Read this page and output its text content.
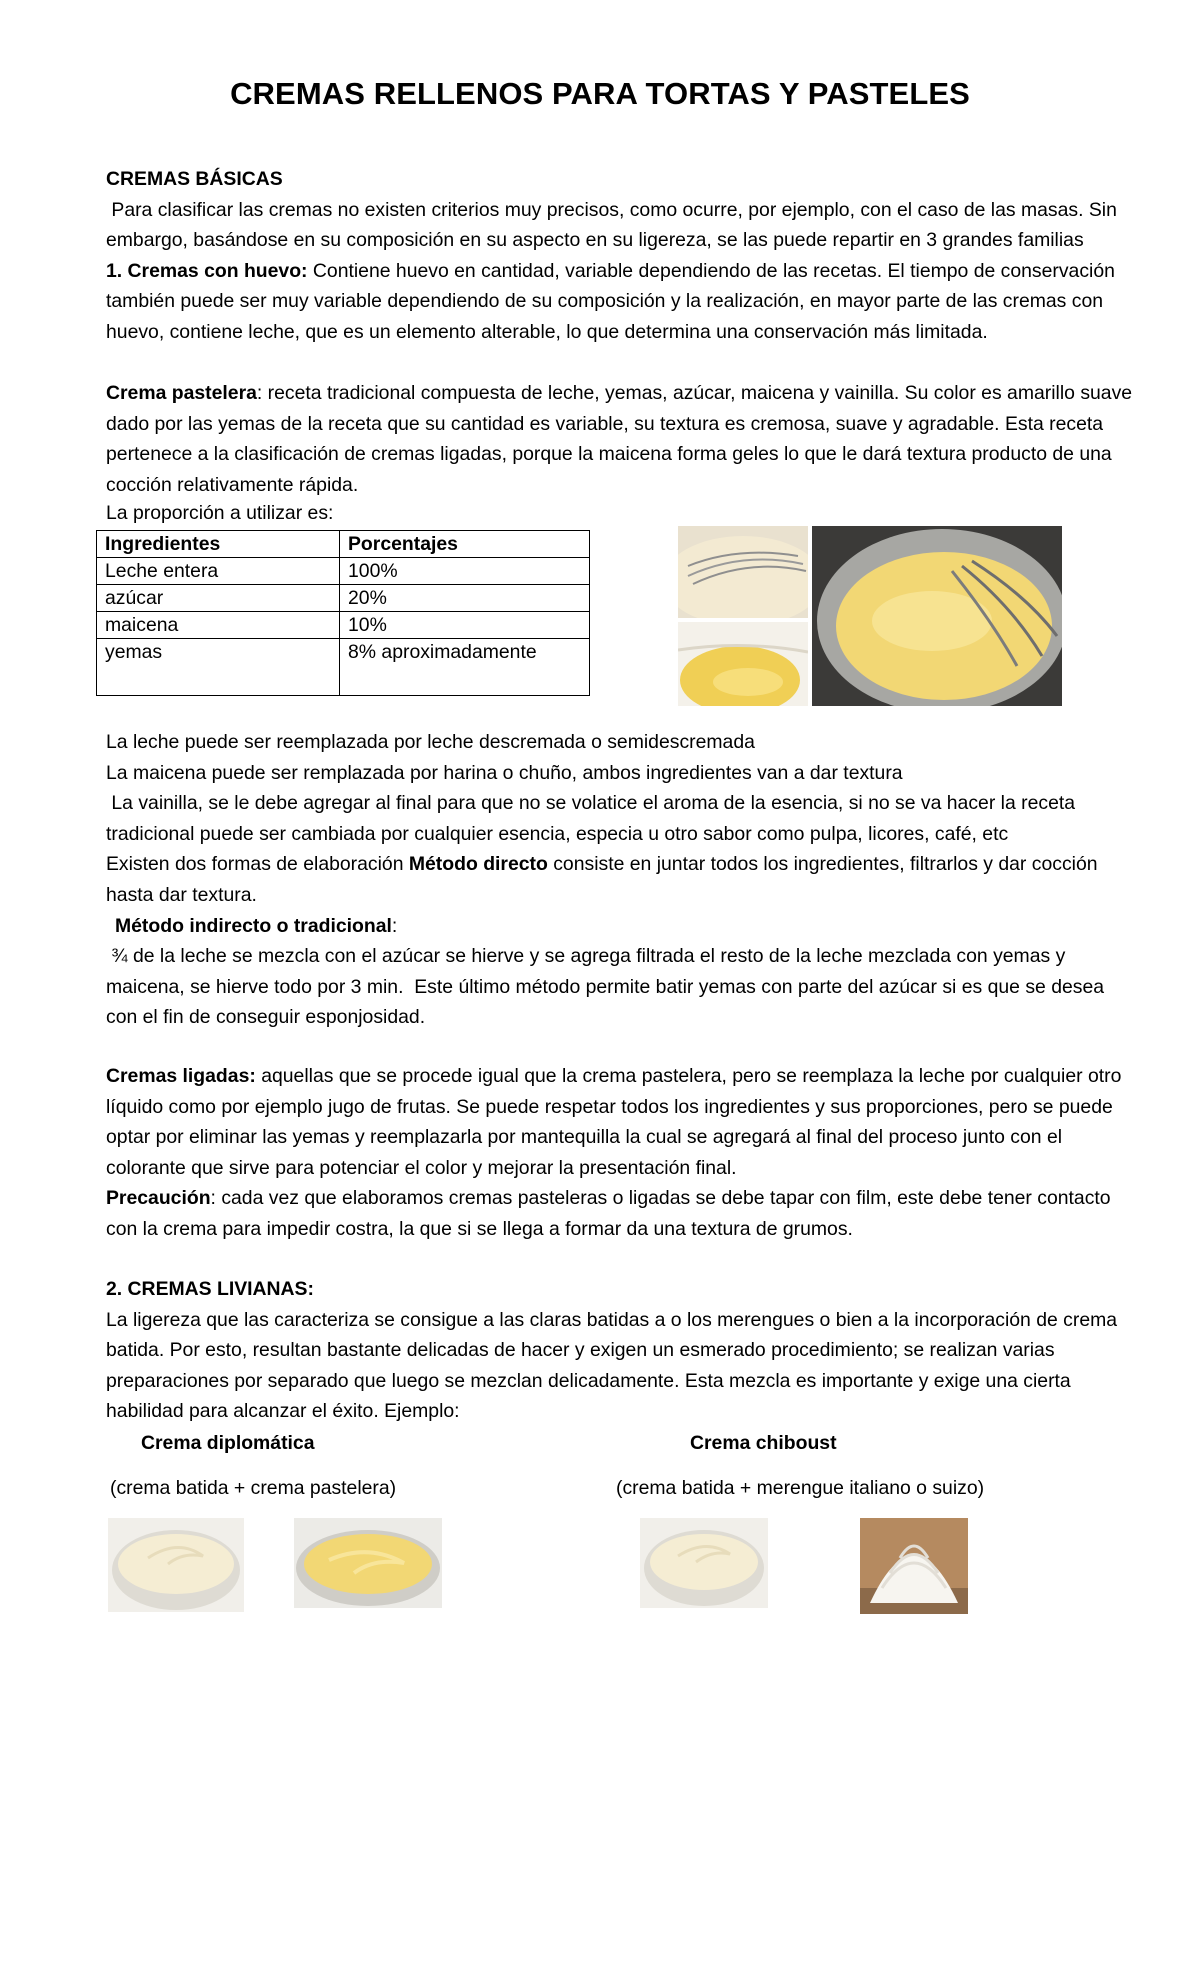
CREMAS RELLENOS PARA TORTAS Y PASTELES

CREMAS BÁSICAS

Para clasificar las cremas no existen criterios muy precisos, como ocurre, por ejemplo, con el caso de las masas. Sin

embargo, basándose en su composición en su aspecto en su ligereza, se las puede repartir en 3 grandes familias

1. Cremas con huevo: Contiene huevo en cantidad, variable dependiendo de las recetas. El tiempo de conservación

también puede ser muy variable dependiendo de su composición y la realización, en mayor parte de las cremas con

huevo, contiene leche, que es un elemento alterable, lo que determina una conservación más limitada.

Crema pastelera: receta tradicional compuesta de leche, yemas, azúcar, maicena y vainilla. Su color es amarillo suave

dado por las yemas de la receta que su cantidad es variable, su textura es cremosa, suave y agradable. Esta receta

pertenece a la clasificación de cremas ligadas, porque la maicena forma geles lo que le dará textura producto de una

cocción relativamente rápida.

La proporción a utilizar es:

Ingredientes	Porcentajes
Leche entera	100%
azúcar	20%
maicena	10%
yemas	8% aproximadamente

La leche puede ser reemplazada por leche descremada o semidescremada

La maicena puede ser remplazada por harina o chuño, ambos ingredientes van a dar textura

La vainilla, se le debe agregar al final para que no se volatice el aroma de la esencia, si no se va hacer la receta

tradicional puede ser cambiada por cualquier esencia, especia u otro sabor como pulpa, licores, café, etc

Existen dos formas de elaboración Método directo consiste en juntar todos los ingredientes, filtrarlos y dar cocción

hasta dar textura.

Método indirecto o tradicional:

¾ de la leche se mezcla con el azúcar se hierve y se agrega filtrada el resto de la leche mezclada con yemas y

maicena, se hierve todo por 3 min.  Este último método permite batir yemas con parte del azúcar si es que se desea

con el fin de conseguir esponjosidad.

Cremas ligadas: aquellas que se procede igual que la crema pastelera, pero se reemplaza la leche por cualquier otro

líquido como por ejemplo jugo de frutas. Se puede respetar todos los ingredientes y sus proporciones, pero se puede

optar por eliminar las yemas y reemplazarla por mantequilla la cual se agregará al final del proceso junto con el

colorante que sirve para potenciar el color y mejorar la presentación final.

Precaución: cada vez que elaboramos cremas pasteleras o ligadas se debe tapar con film, este debe tener contacto

con la crema para impedir costra, la que si se llega a formar da una textura de grumos.

2. CREMAS LIVIANAS:

La ligereza que las caracteriza se consigue a las claras batidas a o los merengues o bien a la incorporación de crema

batida. Por esto, resultan bastante delicadas de hacer y exigen un esmerado procedimiento; se realizan varias

preparaciones por separado que luego se mezclan delicadamente. Esta mezcla es importante y exige una cierta

habilidad para alcanzar el éxito. Ejemplo:

Crema diplomática	Crema chiboust
(crema batida + crema pastelera)	(crema batida + merengue italiano o suizo)
